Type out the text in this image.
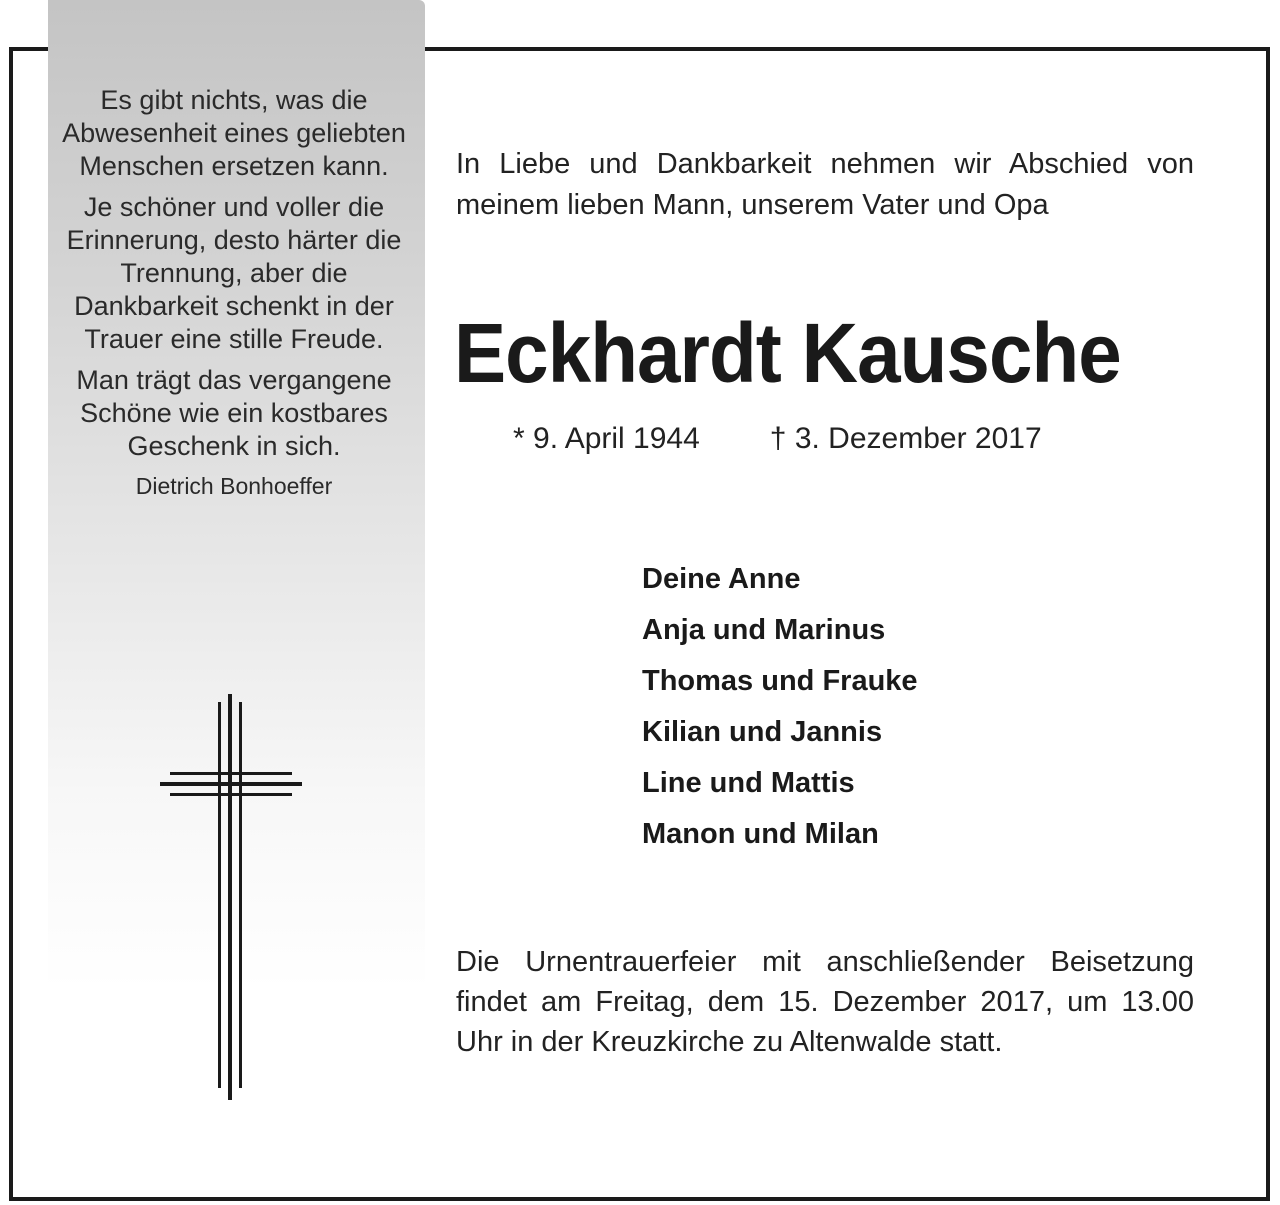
Es gibt nichts, was die Abwesenheit eines geliebten Menschen ersetzen kann.

Je schöner und voller die Erinnerung, desto härter die Trennung, aber die Dankbarkeit schenkt in der Trauer eine stille Freude.

Man trägt das vergangene Schöne wie ein kostbares Geschenk in sich.

Dietrich Bonhoeffer

In Liebe und Dankbarkeit nehmen wir Abschied von meinem lieben Mann, unserem Vater und Opa
Eckhardt Kausche
* 9. April 1944 † 3. Dezember 2017
Deine Anne
Anja und Marinus
Thomas und Frauke
Kilian und Jannis
Line und Mattis
Manon und Milan
Die Urnentrauerfeier mit anschließender Beisetzung findet am Freitag, dem 15. Dezember 2017, um 13.00 Uhr in der Kreuzkirche zu Altenwalde statt.
